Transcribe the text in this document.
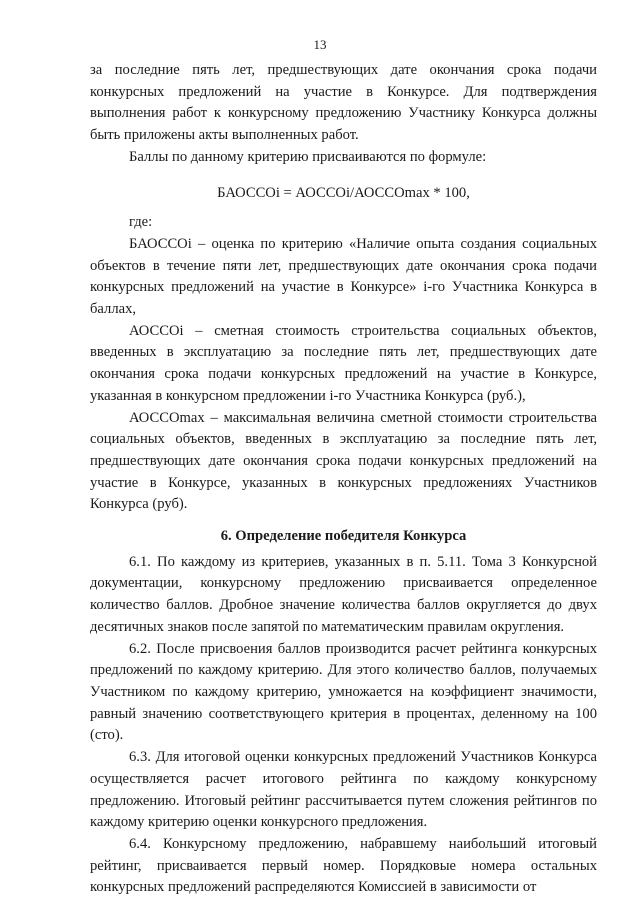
13

за последние пять лет, предшествующих дате окончания срока подачи конкурсных предложений на участие в Конкурсе. Для подтверждения выполнения работ к конкурсному предложению Участнику Конкурса должны быть приложены акты выполненных работ.

Баллы по данному критерию присваиваются по формуле:

БАОССОi = АОССОi/АОССОmax * 100,

где:

БАОССОi – оценка по критерию «Наличие опыта создания социальных объектов в течение пяти лет, предшествующих дате окончания срока подачи конкурсных предложений на участие в Конкурсе» i-го Участника Конкурса в баллах,

АОССОi – сметная стоимость строительства социальных объектов, введенных в эксплуатацию за последние пять лет, предшествующих дате окончания срока подачи конкурсных предложений на участие в Конкурсе, указанная в конкурсном предложении i-го Участника Конкурса (руб.),

АОССОmax – максимальная величина сметной стоимости строительства социальных объектов, введенных в эксплуатацию за последние пять лет, предшествующих дате окончания срока подачи конкурсных предложений на участие в Конкурсе, указанных в конкурсных предложениях Участников Конкурса (руб).

6. Определение победителя Конкурса

6.1. По каждому из критериев, указанных в п. 5.11. Тома 3 Конкурсной документации, конкурсному предложению присваивается определенное количество баллов. Дробное значение количества баллов округляется до двух десятичных знаков после запятой по математическим правилам округления.

6.2. После присвоения баллов производится расчет рейтинга конкурсных предложений по каждому критерию. Для этого количество баллов, получаемых Участником по каждому критерию, умножается на коэффициент значимости, равный значению соответствующего критерия в процентах, деленному на 100 (сто).

6.3. Для итоговой оценки конкурсных предложений Участников Конкурса осуществляется расчет итогового рейтинга по каждому конкурсному предложению. Итоговый рейтинг рассчитывается путем сложения рейтингов по каждому критерию оценки конкурсного предложения.

6.4. Конкурсному предложению, набравшему наибольший итоговый рейтинг, присваивается первый номер. Порядковые номера остальных конкурсных предложений распределяются Комиссией в зависимости от
